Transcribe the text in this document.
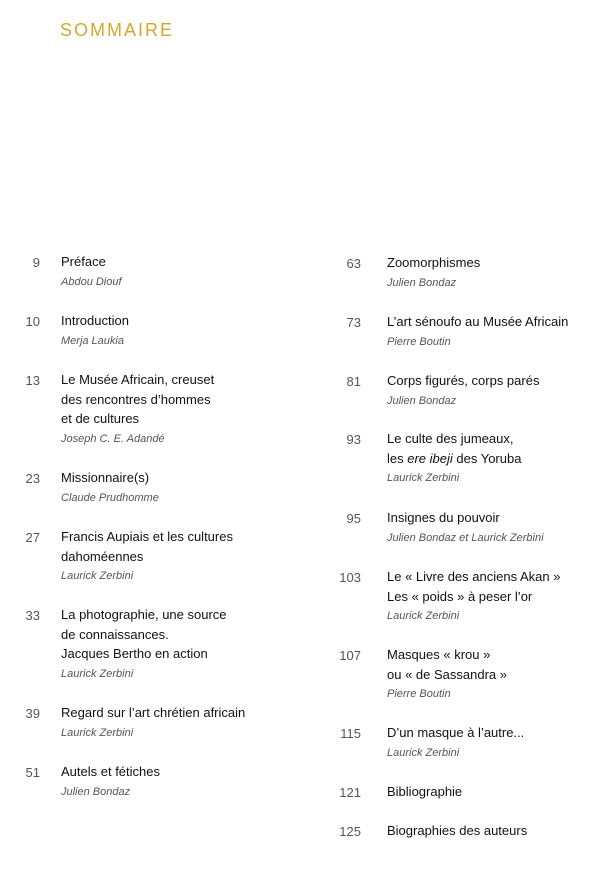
SOMMAIRE
9 Préface
Abdou Diouf
10 Introduction
Merja Laukia
13 Le Musée Africain, creuset
des rencontres d’hommes
et de cultures
Joseph C. E. Adandé
23 Missionnaire(s)
Claude Prudhomme
27 Francis Aupiais et les cultures
dahoméennes
Laurick Zerbini
33 La photographie, une source
de connaissances.
Jacques Bertho en action
Laurick Zerbini
39 Regard sur l’art chrétien africain
Laurick Zerbini
51 Autels et fétiches
Julien Bondaz
63 Zoomorphismes
Julien Bondaz
73 L’art sénoufo au Musée Africain
Pierre Boutin
81 Corps figurés, corps parés
Julien Bondaz
93 Le culte des jumeaux,
les ere ibeji des Yoruba
Laurick Zerbini
95 Insignes du pouvoir
Julien Bondaz et Laurick Zerbini
103 Le « Livre des anciens Akan »
Les « poids » à peser l’or
Laurick Zerbini
107 Masques « krou »
ou « de Sassandra »
Pierre Boutin
115 D’un masque à l’autre...
Laurick Zerbini
121 Bibliographie
125 Biographies des auteurs
